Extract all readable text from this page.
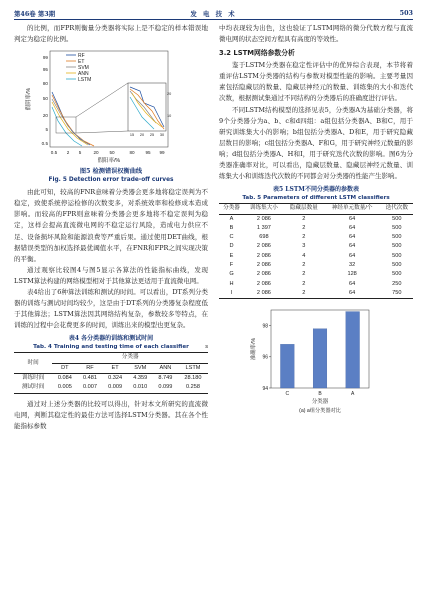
第46卷 第3期	发 电 技 术	503

的比例，而FPR则衡量分类器将实际上是不稳定的样本错误地判定为稳定的比例。

RF
ET
SVM
ANN
LSTM
99
95
80
50
20
5
0.5
假阴率/%
0.5 2 5	20 50	80 95 99
假阳率/%
15 20 25 30
10
20
图5 检测错误权衡曲线
Fig. 5 Detection error trade-off curves

由此可知，较高的FNR意味着分类器会更多地将稳定误判为不稳定，致使系统停运检修的次数变多，对系统效率和检修成本造成影响。而较高的FPR则意味着分类器会更多地将不稳定误判为稳定，这样会提高直流微电网的不稳定运行风险，造成电力供应不足、设备损坏风险和能源浪费等严重后果。通过使用DET曲线，根据错误类型的加权选择最优阈值水平，在FNR和FPR之间实现决策的平衡。

通过观察比较图4与图5显示各算法的性能指标曲线，发现LSTM算法构建的网络模型相对于其他算法更适用于直流微电网。

表4给出了6种算法训练和测试的时间。可以看出，DT系列分类器的训练与测试时间均较少，这是由于DT系列的分类器复杂程度低于其他算法；LSTM算法因其网络结构复杂，参数较多等特点，在训练的过程中会花费更多的时间，训练出来的模型也更复杂。

表4 各分类器的训练和测试时间
Tab. 4 Training and testing time of each classifier	s
时间	分类器					
	DT	RF	ET	SVM	ANN	LSTM
训练时间	0.084	0.481	0.324	4.359	8.749	28.180
测试时间	0.005	0.007	0.009	0.010	0.099	0.258

通过对上述分类器的比较可以得出，针对本文所研究的直流微电网，判断其稳定性的最佳方法可选择LSTM分类器。其在各个性能指标参数

中均表现较为出色，这也验证了LSTM网络的微分代数方程与直流微电网的状态空间方程具有高度的等效性。

3.2 LSTM网络参数分析

鉴于LSTM分类器在稳定性评估中的优异综合表现，本节将着重评估LSTM分类器的结构与参数对模型性能的影响。主要考量因素包括隐藏层的数量、隐藏层神经元的数量、训练集的大小和迭代次数，根据测试集通过不同结构的分类器后的准确度进行评估。

不同LSTM结构模型的选择见表5，分类器A为基础分类器，将9个分类器分为a、b、c和d四组：a组包括分类器A、B和C，用于研究训练集大小的影响；b组包括分类器A、D和E，用于研究隐藏层数目的影响；c组包括分类器A、F和G，用于研究神经元数量的影响；d组包括分类器A、H和I，用于研究迭代次数的影响。图6为分类器准确率对比，可以看出，隐藏层数量、隐藏层神经元数量、训练集大小和训练迭代次数的不同都会对分类器的性能产生影响。

表5 LSTM不同分类器的参数表
Tab. 5 Parameters of different LSTM classifiers
分类器	训练集大小	隐藏层数量	神经单元数量/个	迭代次数
A	2 086	2	64	500
B	1 397	2	64	500
C	698	2	64	500
D	2 086	3	64	500
E	2 086	4	64	500
F	2 086	2	32	500
G	2 086	2	128	500
H	2 086	2	64	250
I	2 086	2	64	750
94
96
98
C	B	A
准确率/%
分类器
(a) a组分类器对比
